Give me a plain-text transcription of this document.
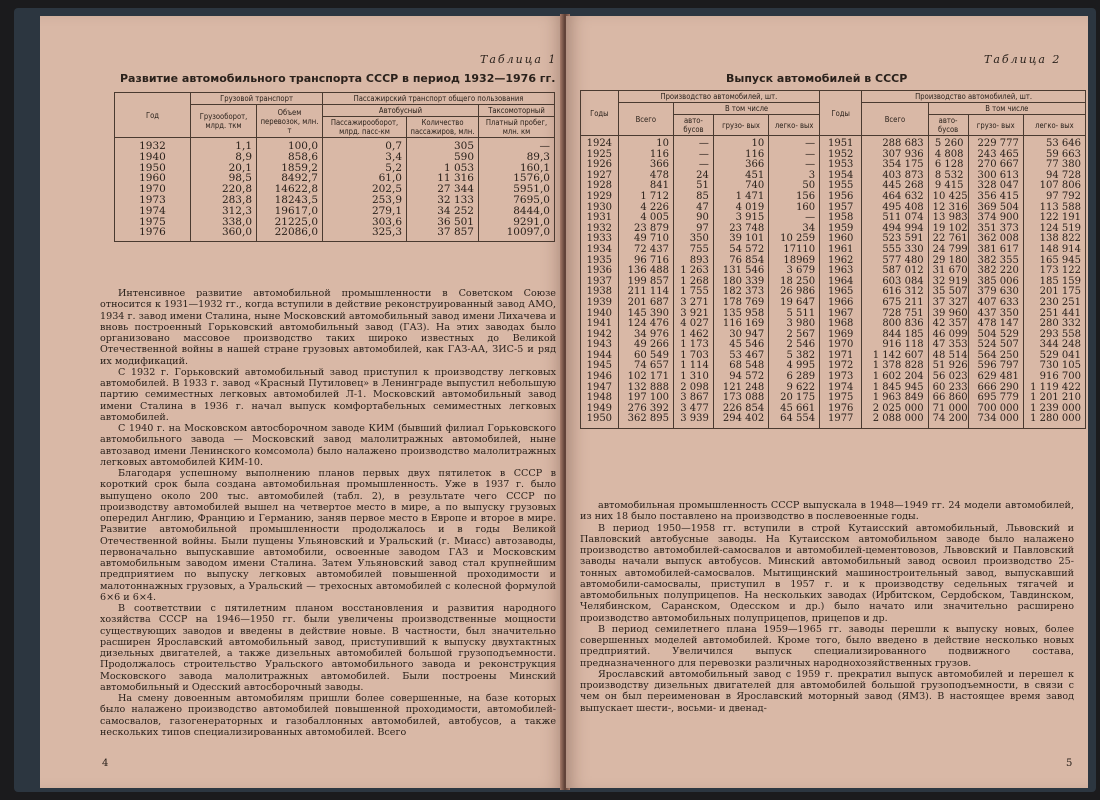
Таблица 1
Развитие автомобильного транспорта СССР в период 1932—1976 гг.
Год	Грузовой транспорт		Пассажирский транспорт общего пользования		
	Грузооборот, млрд. ткм	Объем перевозок, млн. т	Автобусный		Таксомоторный
			Пассажирооборот, млрд. пасс-км	Количество пассажиров, млн.	Платный пробег, млн. км
1932	1,1	100,0	0,7	305	—
1940	8,9	858,6	3,4	590	89,3
1950	20,1	1859,2	5,2	1 053	160,1
1960	98,5	8492,7	61,0	11 316	1576,0
1970	220,8	14622,8	202,5	27 344	5951,0
1973	283,8	18243,5	253,9	32 133	7695,0
1974	312,3	19617,0	279,1	34 252	8444,0
1975	338,0	21225,0	303,6	36 501	9291,0
1976	360,0	22086,0	325,3	37 857	10097,0

Интенсивное развитие автомобильной промышленности в Советском Союзе относится к 1931—1932 гг., когда вступили в действие реконструированный завод АМО, 1934 г. завод имени Сталина, ныне Московский автомобильный завод имени Лихачева и вновь построенный Горьковский автомобильный завод (ГАЗ). На этих заводах было организовано массовое производство таких широко известных до Великой Отечественной войны в нашей стране грузовых автомобилей, как ГАЗ-АА, ЗИС-5 и ряд их модификаций.

С 1932 г. Горьковский автомобильный завод приступил к производству легковых автомобилей. В 1933 г. завод «Красный Путиловец» в Ленинграде выпустил небольшую партию семиместных легковых автомобилей Л-1. Московский автомобильный завод имени Сталина в 1936 г. начал выпуск комфортабельных семиместных легковых автомобилей.

С 1940 г. на Московском автосборочном заводе КИМ (бывший филиал Горьковского автомобильного завода — Московский завод малолитражных автомобилей, ныне автозавод имени Ленинского комсомола) было налажено производство малолитражных легковых автомобилей КИМ-10.

Благодаря успешному выполнению планов первых двух пятилеток в СССР в короткий срок была создана автомобильная промышленность. Уже в 1937 г. было выпущено около 200 тыс. автомобилей (табл. 2), в результате чего СССР по производству автомобилей вышел на четвертое место в мире, а по выпуску грузовых опередил Англию, Францию и Германию, заняв первое место в Европе и второе в мире. Развитие автомобильной промышленности продолжалось и в годы Великой Отечественной войны. Были пущены Ульяновский и Уральский (г. Миасс) автозаводы, первоначально выпускавшие автомобили, освоенные заводом ГАЗ и Московским автомобильным заводом имени Сталина. Затем Ульяновский завод стал крупнейшим предприятием по выпуску легковых автомобилей повышенной проходимости и малотоннажных грузовых, а Уральский — трехосных автомобилей с колесной формулой 6×6 и 6×4.

В соответствии с пятилетним планом восстановления и развития народного хозяйства СССР на 1946—1950 гг. были увеличены производственные мощности существующих заводов и введены в действие новые. В частности, был значительно расширен Ярославский автомобильный завод, приступивший к выпуску двухтактных дизельных двигателей, а также дизельных автомобилей большой грузоподъемности. Продолжалось строительство Уральского автомобильного завода и реконструкция Московского завода малолитражных автомобилей. Были построены Минский автомобильный и Одесский автосборочный заводы.

На смену довоенным автомобилям пришли более совершенные, на базе которых было налажено производство автомобилей повышенной проходимости, автомобилей-самосвалов, газогенераторных и газобаллонных автомобилей, автобусов, а также нескольких типов специализированных автомобилей. Всего

4
Таблица 2
Выпуск автомобилей в СССР
Годы	Производство автомобилей, шт.				Годы	Производство автомобилей, шт.			
	Всего	В том числе				Всего	В том числе		
		авто- бусов	грузо- вых	легко- вых			авто- бусов	грузо- вых	легко- вых
1924	10	—	10	—	1951	288 683	5 260	229 777	53 646
1925	116	—	116	—	1952	307 936	4 808	243 465	59 663
1926	366	—	366	—	1953	354 175	6 128	270 667	77 380
1927	478	24	451	3	1954	403 873	8 532	300 613	94 728
1928	841	51	740	50	1955	445 268	9 415	328 047	107 806
1929	1 712	85	1 471	156	1956	464 632	10 425	356 415	97 792
1930	4 226	47	4 019	160	1957	495 408	12 316	369 504	113 588
1931	4 005	90	3 915	—	1958	511 074	13 983	374 900	122 191
1932	23 879	97	23 748	34	1959	494 994	19 102	351 373	124 519
1933	49 710	350	39 101	10 259	1960	523 591	22 761	362 008	138 822
1934	72 437	755	54 572	17110	1961	555 330	24 799	381 617	148 914
1935	96 716	893	76 854	18969	1962	577 480	29 180	382 355	165 945
1936	136 488	1 263	131 546	3 679	1963	587 012	31 670	382 220	173 122
1937	199 857	1 268	180 339	18 250	1964	603 084	32 919	385 006	185 159
1938	211 114	1 755	182 373	26 986	1965	616 312	35 507	379 630	201 175
1939	201 687	3 271	178 769	19 647	1966	675 211	37 327	407 633	230 251
1940	145 390	3 921	135 958	5 511	1967	728 751	39 960	437 350	251 441
1941	124 476	4 027	116 169	3 980	1968	800 836	42 357	478 147	280 332
1942	34 976	1 462	30 947	2 567	1969	844 185	46 099	504 529	293 558
1943	49 266	1 173	45 546	2 546	1970	916 118	47 353	524 507	344 248
1944	60 549	1 703	53 467	5 382	1971	1 142 607	48 514	564 250	529 041
1945	74 657	1 114	68 548	4 995	1972	1 378 828	51 926	596 797	730 105
1946	102 171	1 310	94 572	6 289	1973	1 602 204	56 023	629 481	916 700
1947	132 888	2 098	121 248	9 622	1974	1 845 945	60 233	666 290	1 119 422
1948	197 100	3 867	173 088	20 175	1975	1 963 849	66 860	695 779	1 201 210
1949	276 392	3 477	226 854	45 661	1976	2 025 000	71 000	700 000	1 239 000
1950	362 895	3 939	294 402	64 554	1977	2 088 000	74 200	734 000	1 280 000

автомобильная промышленность СССР выпускала в 1948—1949 гг. 24 модели автомобилей, из них 18 было поставлено на производство в послевоенные годы.

В период 1950—1958 гг. вступили в строй Кутаисский автомобильный, Львовский и Павловский автобусные заводы. На Кутаисском автомобильном заводе было налажено производство автомобилей-самосвалов и автомобилей-цементовозов, Львовский и Павловский заводы начали выпуск автобусов. Минский автомобильный завод освоил производство 25-тонных автомобилей-самосвалов. Мытищинский машиностроительный завод, выпускавший автомобили-самосвалы, приступил в 1957 г. и к производству седельных тягачей и автомобильных полуприцепов. На нескольких заводах (Ирбитском, Сердобском, Тавдинском, Челябинском, Саранском, Одесском и др.) было начато или значительно расширено производство автомобильных полуприцепов, прицепов и др.

В период семилетнего плана 1959—1965 гг. заводы перешли к выпуску новых, более совершенных моделей автомобилей. Кроме того, было введено в действие несколько новых предприятий. Увеличился выпуск специализированного подвижного состава, предназначенного для перевозки различных народнохозяйственных грузов.

Ярославский автомобильный завод с 1959 г. прекратил выпуск автомобилей и перешел к производству дизельных двигателей для автомобилей большой грузоподъемности, в связи с чем он был переименован в Ярославский моторный завод (ЯМЗ). В настоящее время завод выпускает шести-, восьми- и двенад-

5
